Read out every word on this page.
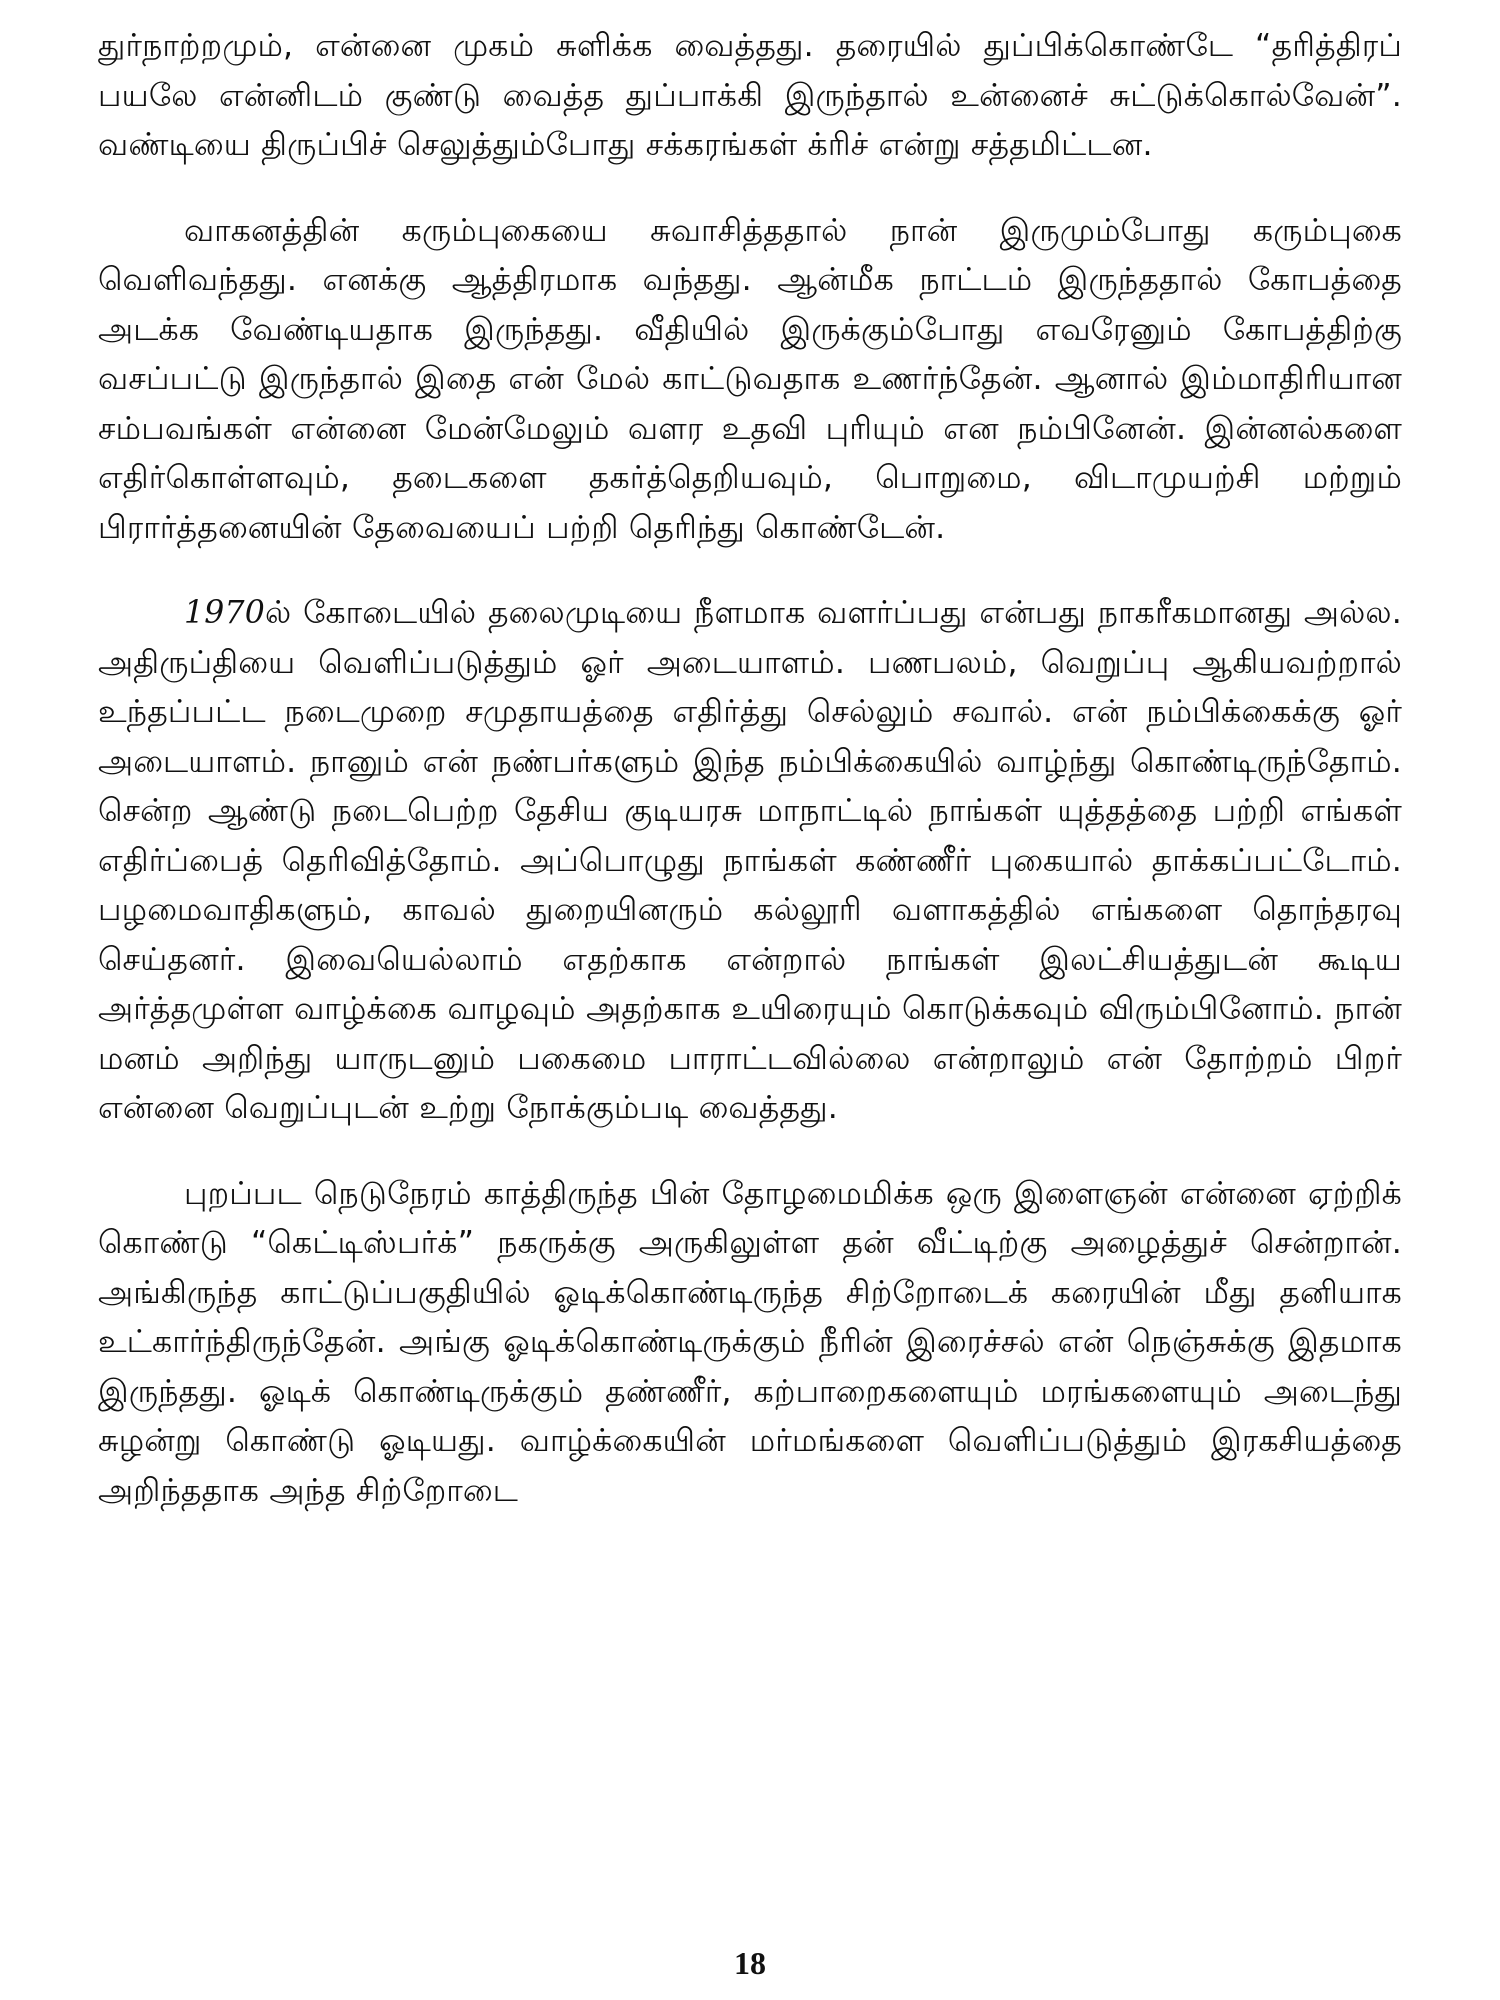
துர்நாற்றமும், என்னை முகம் சுளிக்க வைத்தது. தரையில் துப்பிக்கொண்டே “தரித்திரப் பயலே என்னிடம் குண்டு வைத்த துப்பாக்கி இருந்தால் உன்னைச் சுட்டுக்கொல்வேன்”. வண்டியை திருப்பிச் செலுத்தும்போது சக்கரங்கள் க்ரிச் என்று சத்தமிட்டன.

வாகனத்தின் கரும்புகையை சுவாசித்ததால் நான் இருமும்போது கரும்புகை வெளிவந்தது. எனக்கு ஆத்திரமாக வந்தது. ஆன்மீக நாட்டம் இருந்ததால் கோபத்தை அடக்க வேண்டியதாக இருந்தது. வீதியில் இருக்கும்போது எவரேனும் கோபத்திற்கு வசப்பட்டு இருந்தால் இதை என் மேல் காட்டுவதாக உணர்ந்தேன். ஆனால் இம்மாதிரியான சம்பவங்கள் என்னை மேன்மேலும் வளர உதவி புரியும் என நம்பினேன். இன்னல்களை எதிர்கொள்ளவும், தடைகளை தகர்த்தெறியவும், பொறுமை, விடாமுயற்சி மற்றும் பிரார்த்தனையின் தேவையைப் பற்றி தெரிந்து கொண்டேன்.

1970ல் கோடையில் தலைமுடியை நீளமாக வளர்ப்பது என்பது நாகரீகமானது அல்ல. அதிருப்தியை வெளிப்படுத்தும் ஓர் அடையாளம். பணபலம், வெறுப்பு ஆகியவற்றால் உந்தப்பட்ட நடைமுறை சமுதாயத்தை எதிர்த்து செல்லும் சவால். என் நம்பிக்கைக்கு ஓர் அடையாளம். நானும் என் நண்பர்களும் இந்த நம்பிக்கையில் வாழ்ந்து கொண்டிருந்தோம். சென்ற ஆண்டு நடைபெற்ற தேசிய குடியரசு மாநாட்டில் நாங்கள் யுத்தத்தை பற்றி எங்கள் எதிர்ப்பைத் தெரிவித்தோம். அப்பொழுது நாங்கள் கண்ணீர் புகையால் தாக்கப்பட்டோம். பழமைவாதிகளும், காவல் துறையினரும் கல்லூரி வளாகத்தில் எங்களை தொந்தரவு செய்தனர். இவையெல்லாம் எதற்காக என்றால் நாங்கள் இலட்சியத்துடன் கூடிய அர்த்தமுள்ள வாழ்க்கை வாழவும் அதற்காக உயிரையும் கொடுக்கவும் விரும்பினோம். நான் மனம் அறிந்து யாருடனும் பகைமை பாராட்டவில்லை என்றாலும் என் தோற்றம் பிறர் என்னை வெறுப்புடன் உற்று நோக்கும்படி வைத்தது.

புறப்பட நெடுநேரம் காத்திருந்த பின் தோழமைமிக்க ஒரு இளைஞன் என்னை ஏற்றிக் கொண்டு “கெட்டிஸ்பர்க்” நகருக்கு அருகிலுள்ள தன் வீட்டிற்கு அழைத்துச் சென்றான். அங்கிருந்த காட்டுப்பகுதியில் ஓடிக்கொண்டிருந்த சிற்றோடைக் கரையின் மீது தனியாக உட்கார்ந்திருந்தேன். அங்கு ஓடிக்கொண்டிருக்கும் நீரின் இரைச்சல் என் நெஞ்சுக்கு இதமாக இருந்தது. ஓடிக் கொண்டிருக்கும் தண்ணீர், கற்பாறைகளையும் மரங்களையும் அடைந்து சுழன்று கொண்டு ஓடியது. வாழ்க்கையின் மர்மங்களை வெளிப்படுத்தும் இரகசியத்தை அறிந்ததாக அந்த சிற்றோடை

18
